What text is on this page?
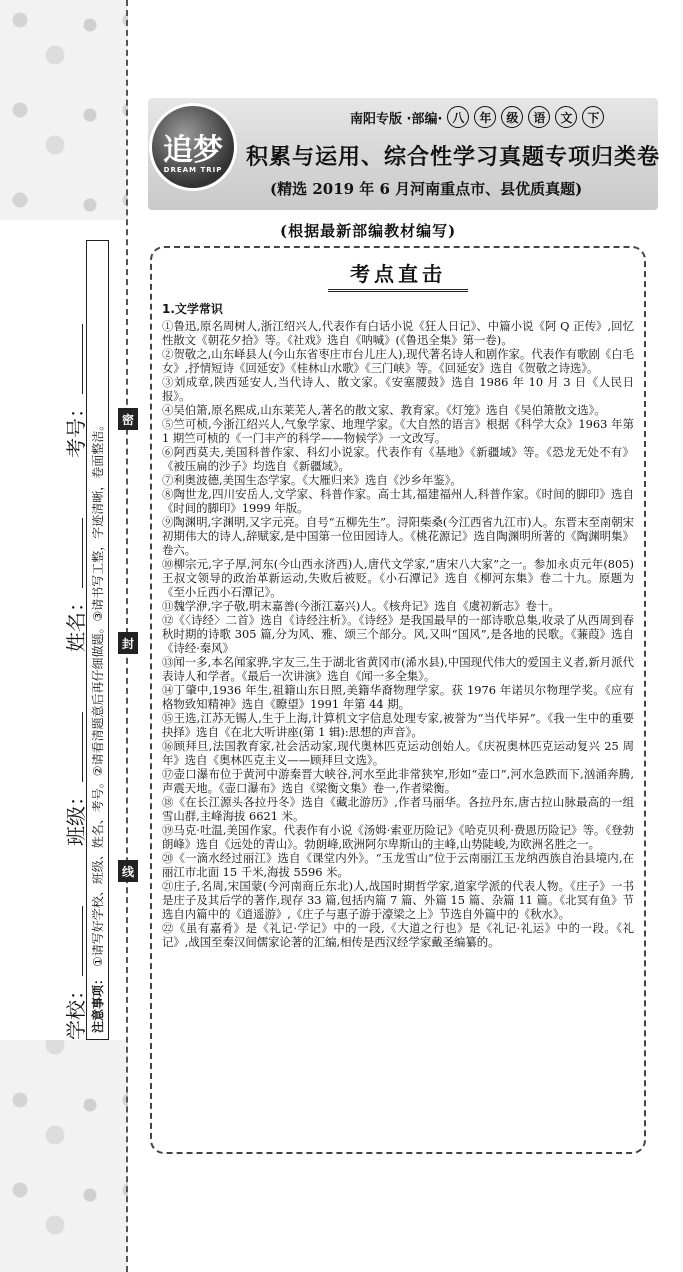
密
封
线
学校：
班级：
姓名：
考号：
注意事项：①请写好学校、班级、姓名、考号。②请看清题意后再仔细做题。③请书写工整，字迹清晰，卷面整洁。
追梦
DREAM TRIP
南阳专版 ·部编· 八	年	级	语	文	下
积累与运用、综合性学习真题专项归类卷
(精选 2019 年 6 月河南重点市、县优质真题)
(根据最新部编教材编写)
考点直击
1.文学常识

①鲁迅,原名周树人,浙江绍兴人,代表作有白话小说《狂人日记》、中篇小说《阿 Q 正传》,回忆性散文《朝花夕拾》等。《社戏》选自《呐喊》(《鲁迅全集》第一卷)。

②贺敬之,山东峄县人(今山东省枣庄市台儿庄人),现代著名诗人和剧作家。代表作有歌剧《白毛女》,抒情短诗《回延安》《桂林山水歌》《三门峡》等。《回延安》选自《贺敬之诗选》。

③刘成章,陕西延安人,当代诗人、散文家。《安塞腰鼓》选自 1986 年 10 月 3 日《人民日报》。

④吴伯箫,原名熙成,山东莱芜人,著名的散文家、教育家。《灯笼》选自《吴伯箫散文选》。

⑤竺可桢,今浙江绍兴人,气象学家、地理学家。《大自然的语言》根据《科学大众》1963 年第 1 期竺可桢的《一门丰产的科学——物候学》一文改写。

⑥阿西莫夫,美国科普作家、科幻小说家。代表作有《基地》《新疆域》等。《恐龙无处不有》《被压扁的沙子》均选自《新疆域》。

⑦利奥波德,美国生态学家。《大雁归来》选自《沙乡年鉴》。

⑧陶世龙,四川安岳人,文学家、科普作家。高士其,福建福州人,科普作家。《时间的脚印》选自《时间的脚印》1999 年版。

⑨陶渊明,字渊明,又字元亮。自号“五柳先生”。浔阳柴桑(今江西省九江市)人。东晋末至南朝宋初期伟大的诗人,辞赋家,是中国第一位田园诗人。《桃花源记》选自陶渊明所著的《陶渊明集》卷六。

⑩柳宗元,字子厚,河东(今山西永济西)人,唐代文学家,“唐宋八大家”之一。参加永贞元年(805)王叔文领导的政治革新运动,失败后被贬。《小石潭记》选自《柳河东集》卷二十九。原题为《至小丘西小石潭记》。

⑪魏学洢,字子敬,明末嘉善(今浙江嘉兴)人。《核舟记》选自《虞初新志》卷十。

⑫《〈诗经〉二首》选自《诗经注析》。《诗经》是我国最早的一部诗歌总集,收录了从西周到春秋时期的诗歌 305 篇,分为风、雅、颂三个部分。风,又叫“国风”,是各地的民歌。《蒹葭》选自《诗经·秦风》

⑬闻一多,本名闻家骅,字友三,生于湖北省黄冈市(浠水县),中国现代伟大的爱国主义者,新月派代表诗人和学者。《最后一次讲演》选自《闻一多全集》。

⑭丁肇中,1936 年生,祖籍山东日照,美籍华裔物理学家。获 1976 年诺贝尔物理学奖。《应有格物致知精神》选自《瞭望》1991 年第 44 期。

⑮王选,江苏无锡人,生于上海,计算机文字信息处理专家,被誉为“当代毕昇”。《我一生中的重要抉择》选自《在北大听讲座(第 1 辑):思想的声音》。

⑯顾拜旦,法国教育家,社会活动家,现代奥林匹克运动创始人。《庆祝奥林匹克运动复兴 25 周年》选自《奥林匹克主义——顾拜旦文选》。

⑰壶口瀑布位于黄河中游秦晋大峡谷,河水至此非常狭窄,形如“壶口”,河水急跌而下,汹涌奔腾,声震天地。《壶口瀑布》选自《梁衡文集》卷一,作者梁衡。

⑱《在长江源头各拉丹冬》选自《藏北游历》,作者马丽华。各拉丹东,唐古拉山脉最高的一组雪山群,主峰海拔 6621 米。

⑲马克·吐温,美国作家。代表作有小说《汤姆·索亚历险记》《哈克贝利·费恩历险记》等。《登勃朗峰》选自《远处的青山》。勃朗峰,欧洲阿尔卑斯山的主峰,山势陡峻,为欧洲名胜之一。

⑳《一滴水经过丽江》选自《课堂内外》。“玉龙雪山”位于云南丽江玉龙纳西族自治县境内,在丽江市北面 15 千米,海拔 5596 米。

㉑庄子,名周,宋国蒙(今河南商丘东北)人,战国时期哲学家,道家学派的代表人物。《庄子》一书是庄子及其后学的著作,现存 33 篇,包括内篇 7 篇、外篇 15 篇、杂篇 11 篇。《北冥有鱼》节选自内篇中的《逍遥游》,《庄子与惠子游于濠梁之上》节选自外篇中的《秋水》。

㉒《虽有嘉肴》是《礼记·学记》中的一段,《大道之行也》是《礼记·礼运》中的一段。《礼记》,战国至秦汉间儒家论著的汇编,相传是西汉经学家戴圣编纂的。
